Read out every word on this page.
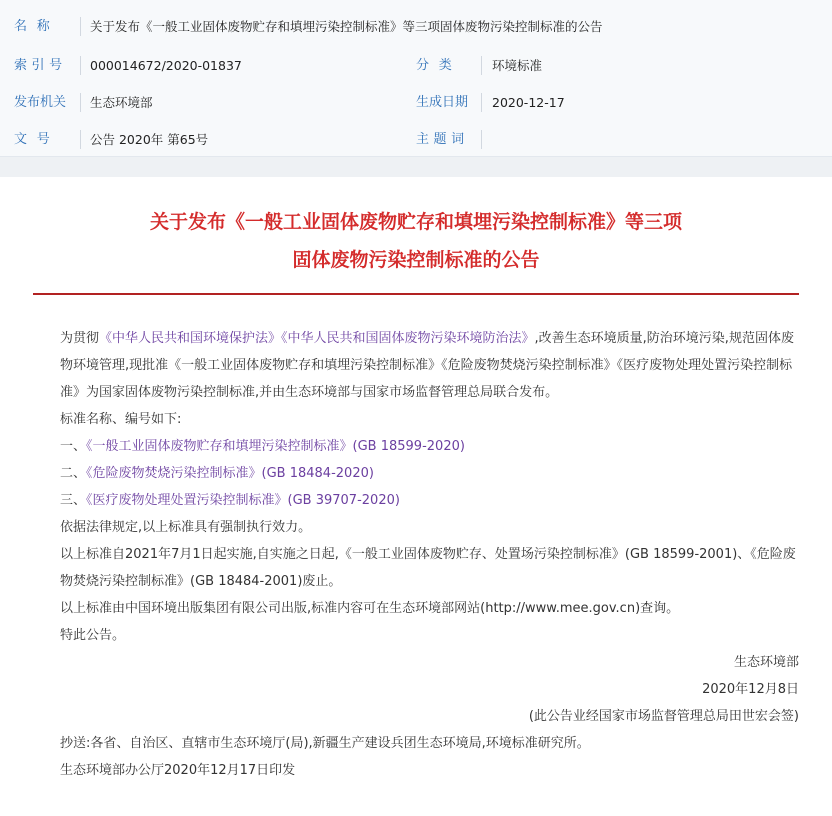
名称	关于发布《一般工业固体废物贮存和填埋污染控制标准》等三项固体废物污染控制标准的公告
索引号	000014672/2020-01837	分类	环境标准
发布机关	生态环境部	生成日期	2020-12-17
文号	公告 2020年 第65号	主题词
关于发布《一般工业固体废物贮存和填埋污染控制标准》等三项
固体废物污染控制标准的公告

为贯彻《中华人民共和国环境保护法》《中华人民共和国固体废物污染环境防治法》,改善生态环境质量,防治环境污染,规范固体废物环境管理,现批准《一般工业固体废物贮存和填埋污染控制标准》《危险废物焚烧污染控制标准》《医疗废物处理处置污染控制标准》为国家固体废物污染控制标准,并由生态环境部与国家市场监督管理总局联合发布。

标准名称、编号如下:

一、《一般工业固体废物贮存和填埋污染控制标准》(GB 18599-2020)

二、《危险废物焚烧污染控制标准》(GB 18484-2020)

三、《医疗废物处理处置污染控制标准》(GB 39707-2020)

依据法律规定,以上标准具有强制执行效力。

以上标准自2021年7月1日起实施,自实施之日起,《一般工业固体废物贮存、处置场污染控制标准》(GB 18599-2001)、《危险废物焚烧污染控制标准》(GB 18484-2001)废止。

以上标准由中国环境出版集团有限公司出版,标准内容可在生态环境部网站(http://www.mee.gov.cn)查询。

特此公告。

生态环境部

2020年12月8日

(此公告业经国家市场监督管理总局田世宏会签)

抄送:各省、自治区、直辖市生态环境厅(局),新疆生产建设兵团生态环境局,环境标准研究所。

生态环境部办公厅2020年12月17日印发
